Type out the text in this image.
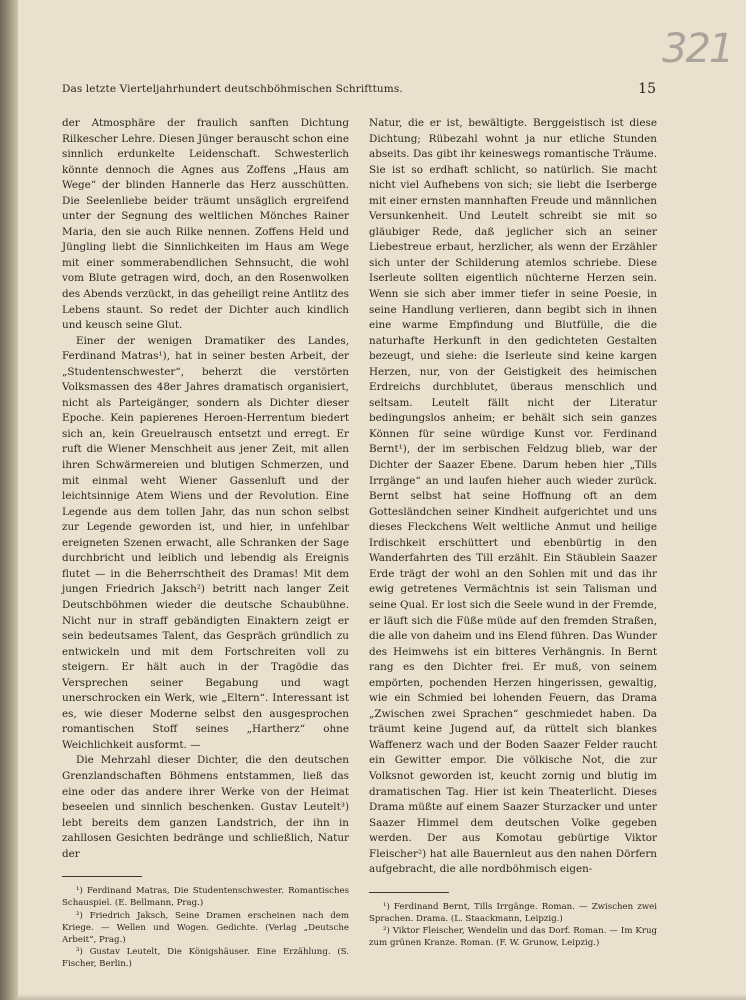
321
Das letzte Vierteljahrhundert deutschböhmischen Schrifttums.	15

der Atmosphäre der fraulich sanften Dichtung Rilkescher Lehre. Diesen Jünger berauscht schon eine sinnlich erdunkelte Leidenschaft. Schwesterlich könnte dennoch die Agnes aus Zoffens „Haus am Wege“ der blinden Hannerle das Herz ausschütten. Die Seelenliebe beider träumt unsäglich ergreifend unter der Segnung des weltlichen Mönches Rainer Maria, den sie auch Rilke nennen. Zoffens Held und Jüngling liebt die Sinnlichkeiten im Haus am Wege mit einer sommerabendlichen Sehnsucht, die wohl vom Blute getragen wird, doch, an den Rosenwolken des Abends verzückt, in das geheiligt reine Antlitz des Lebens staunt. So redet der Dichter auch kindlich und keusch seine Glut.

Einer der wenigen Dramatiker des Landes, Ferdinand Matras¹), hat in seiner besten Arbeit, der „Studentenschwester“, beherzt die verstörten Volksmassen des 48er Jahres dramatisch organisiert, nicht als Parteigänger, sondern als Dichter dieser Epoche. Kein papierenes Heroen-Herrentum biedert sich an, kein Greuelrausch entsetzt und erregt. Er ruft die Wiener Menschheit aus jener Zeit, mit allen ihren Schwärmereien und blutigen Schmerzen, und mit einmal weht Wiener Gassenluft und der leichtsinnige Atem Wiens und der Revolution. Eine Legende aus dem tollen Jahr, das nun schon selbst zur Legende geworden ist, und hier, in unfehlbar ereigneten Szenen erwacht, alle Schranken der Sage durchbricht und leiblich und lebendig als Ereignis flutet — in die Beherrschtheit des Dramas! Mit dem jungen Friedrich Jaksch²) betritt nach langer Zeit Deutschböhmen wieder die deutsche Schaubühne. Nicht nur in straff gebändigten Einaktern zeigt er sein bedeutsames Talent, das Gespräch gründlich zu entwickeln und mit dem Fortschreiten voll zu steigern. Er hält auch in der Tragödie das Versprechen seiner Begabung und wagt unerschrocken ein Werk, wie „Eltern“. Interessant ist es, wie dieser Moderne selbst den ausgesprochen romantischen Stoff seines „Hartherz“ ohne Weichlichkeit ausformt. —

Die Mehrzahl dieser Dichter, die den deutschen Grenzlandschaften Böhmens entstammen, ließ das eine oder das andere ihrer Werke von der Heimat beseelen und sinnlich beschenken. Gustav Leutelt³) lebt bereits dem ganzen Landstrich, der ihn in zahllosen Gesichten bedränge und schließlich, Natur der

¹) Ferdinand Matras, Die Studentenschwester. Romantisches Schauspiel. (E. Bellmann, Prag.)

²) Friedrich Jaksch, Seine Dramen erscheinen nach dem Kriege. — Wellen und Wogen. Gedichte. (Verlag „Deutsche Arbeit“, Prag.)

³) Gustav Leutelt, Die Königshäuser. Eine Erzählung. (S. Fischer, Berlin.)

Natur, die er ist, bewältigte. Berggeistisch ist diese Dichtung; Rübezahl wohnt ja nur etliche Stunden abseits. Das gibt ihr keineswegs romantische Träume. Sie ist so erdhaft schlicht, so natürlich. Sie macht nicht viel Aufhebens von sich; sie liebt die Iserberge mit einer ernsten mannhaften Freude und männlichen Versunkenheit. Und Leutelt schreibt sie mit so gläubiger Rede, daß jeglicher sich an seiner Liebestreue erbaut, herzlicher, als wenn der Erzähler sich unter der Schilderung atemlos schriebe. Diese Iserleute sollten eigentlich nüchterne Herzen sein. Wenn sie sich aber immer tiefer in seine Poesie, in seine Handlung verlieren, dann begibt sich in ihnen eine warme Empfindung und Blutfülle, die die naturhafte Herkunft in den gedichteten Gestalten bezeugt, und siehe: die Iserleute sind keine kargen Herzen, nur, von der Geistigkeit des heimischen Erdreichs durchblutet, überaus menschlich und seltsam. Leutelt fällt nicht der Literatur bedingungslos anheim; er behält sich sein ganzes Können für seine würdige Kunst vor. Ferdinand Bernt¹), der im serbischen Feldzug blieb, war der Dichter der Saazer Ebene. Darum heben hier „Tills Irrgänge“ an und laufen hieher auch wieder zurück. Bernt selbst hat seine Hoffnung oft an dem Gottesländchen seiner Kindheit aufgerichtet und uns dieses Fleckchens Welt weltliche Anmut und heilige Irdischkeit erschüttert und ebenbürtig in den Wanderfahrten des Till erzählt. Ein Stäublein Saazer Erde trägt der wohl an den Sohlen mit und das ihr ewig getretenes Vermächtnis ist sein Talisman und seine Qual. Er lost sich die Seele wund in der Fremde, er läuft sich die Füße müde auf den fremden Straßen, die alle von daheim und ins Elend führen. Das Wunder des Heimwehs ist ein bitteres Verhängnis. In Bernt rang es den Dichter frei. Er muß, von seinem empörten, pochenden Herzen hingerissen, gewaltig, wie ein Schmied bei lohenden Feuern, das Drama „Zwischen zwei Sprachen“ geschmiedet haben. Da träumt keine Jugend auf, da rüttelt sich blankes Waffenerz wach und der Boden Saazer Felder raucht ein Gewitter empor. Die völkische Not, die zur Volksnot geworden ist, keucht zornig und blutig im dramatischen Tag. Hier ist kein Theaterlicht. Dieses Drama müßte auf einem Saazer Sturzacker und unter Saazer Himmel dem deutschen Volke gegeben werden. Der aus Komotau gebürtige Viktor Fleischer²) hat alle Bauernleut aus den nahen Dörfern aufgebracht, die alle nordböhmisch eigen-

¹) Ferdinand Bernt, Tills Irrgänge. Roman. — Zwischen zwei Sprachen. Drama. (L. Staackmann, Leipzig.)

²) Viktor Fleischer, Wendelin und das Dorf. Roman. — Im Krug zum grünen Kranze. Roman. (F. W. Grunow, Leipzig.)
